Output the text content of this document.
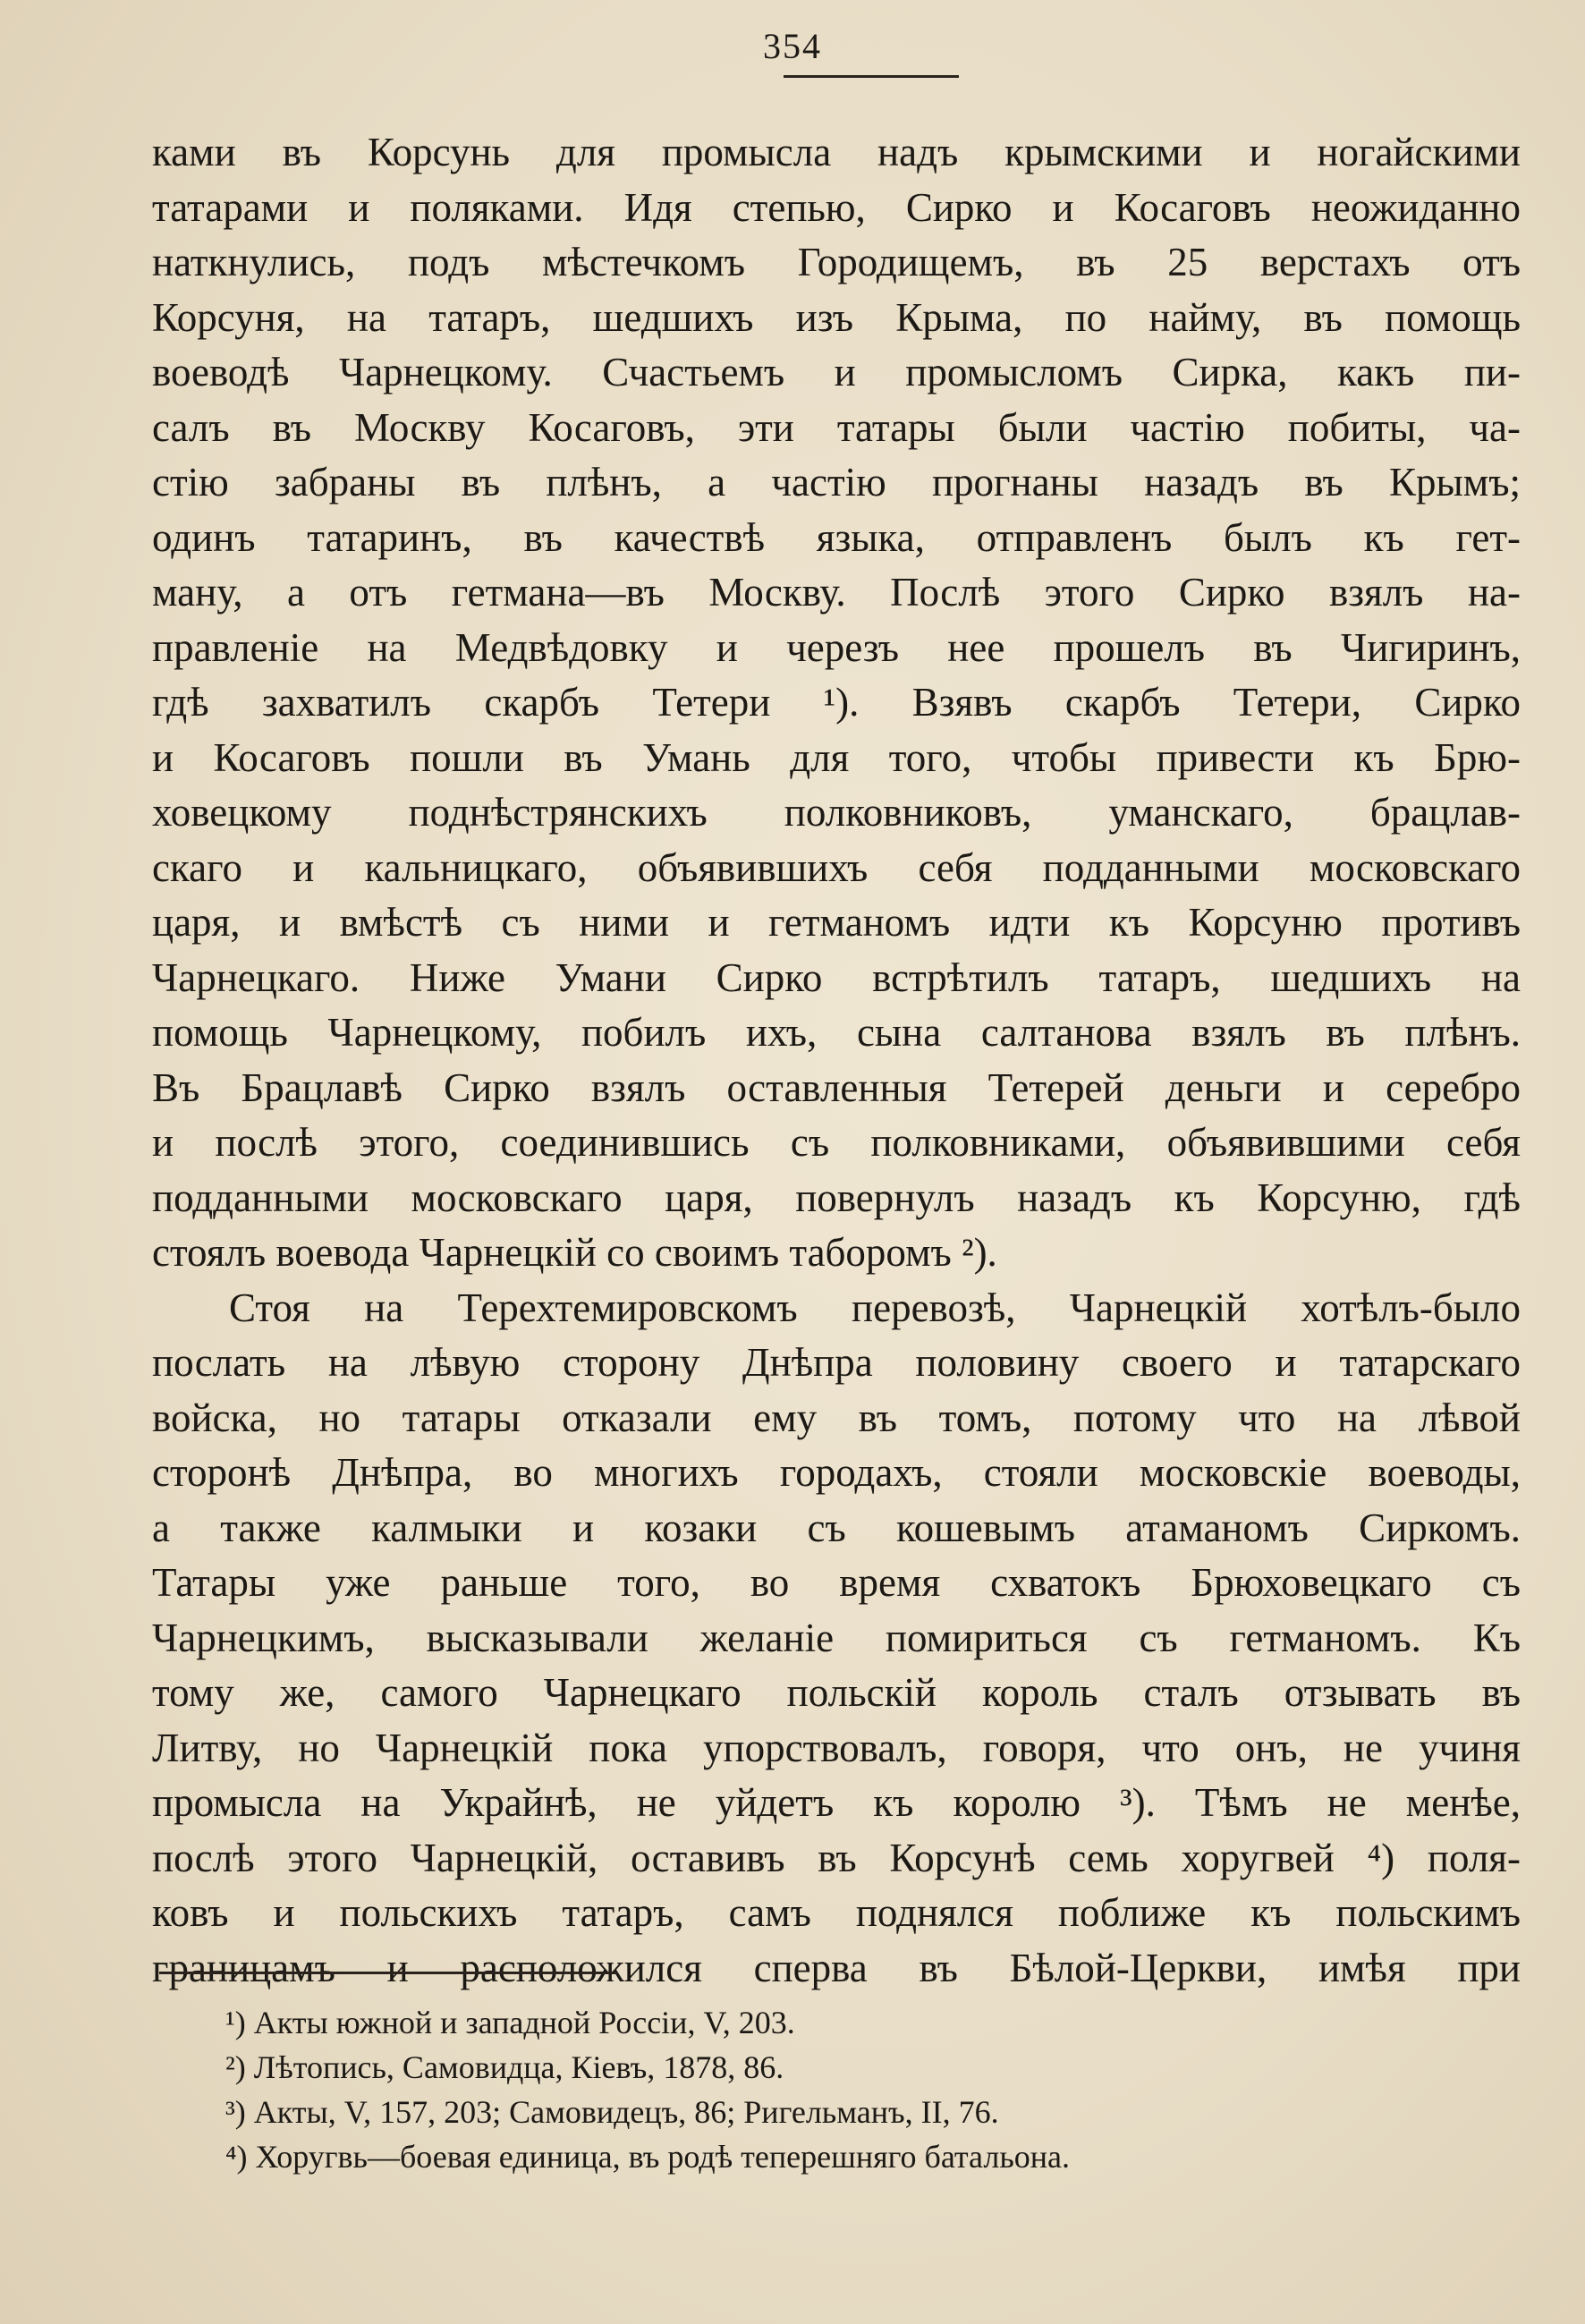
354
ками въ Корсунь для промысла надъ крымскими и ногайскими
татарами и поляками. Идя степью, Сирко и Косаговъ неожиданно
наткнулись, подъ мѣстечкомъ Городищемъ, въ 25 верстахъ отъ
Корсуня, на татаръ, шедшихъ изъ Крыма, по найму, въ помощь
воеводѣ Чарнецкому. Счастьемъ и промысломъ Сирка, какъ пи-
салъ въ Москву Косаговъ, эти татары были частію побиты, ча-
стію забраны въ плѣнъ, а частію прогнаны назадъ въ Крымъ;
одинъ татаринъ, въ качествѣ языка, отправленъ былъ къ гет-
ману, а отъ гетмана—въ Москву. Послѣ этого Сирко взялъ на-
правленіе на Медвѣдовку и черезъ нее прошелъ въ Чигиринъ,
гдѣ захватилъ скарбъ Тетери ¹). Взявъ скарбъ Тетери, Сирко
и Косаговъ пошли въ Умань для того, чтобы привести къ Брю-
ховецкому поднѣстрянскихъ полковниковъ, уманскаго, брацлав-
скаго и кальницкаго, объявившихъ себя подданными московскаго
царя, и вмѣстѣ съ ними и гетманомъ идти къ Корсуню противъ
Чарнецкаго. Ниже Умани Сирко встрѣтилъ татаръ, шедшихъ на
помощь Чарнецкому, побилъ ихъ, сына салтанова взялъ въ плѣнъ.
Въ Брацлавѣ Сирко взялъ оставленныя Тетерей деньги и серебро
и послѣ этого, соединившись съ полковниками, объявившими себя
подданными московскаго царя, повернулъ назадъ къ Корсуню, гдѣ
стоялъ воевода Чарнецкій со своимъ таборомъ ²).
Стоя на Терехтемировскомъ перевозѣ, Чарнецкій хотѣлъ-было
послать на лѣвую сторону Днѣпра половину своего и татарскаго
войска, но татары отказали ему въ томъ, потому что на лѣвой
сторонѣ Днѣпра, во многихъ городахъ, стояли московскіе воеводы,
а также калмыки и козаки съ кошевымъ атаманомъ Сиркомъ.
Татары уже раньше того, во время схватокъ Брюховецкаго съ
Чарнецкимъ, высказывали желаніе помириться съ гетманомъ. Къ
тому же, самого Чарнецкаго польскій король сталъ отзывать въ
Литву, но Чарнецкій пока упорствовалъ, говоря, что онъ, не учиня
промысла на Украйнѣ, не уйдетъ къ королю ³). Тѣмъ не менѣе,
послѣ этого Чарнецкій, оставивъ въ Корсунѣ семь хоругвей ⁴) поля-
ковъ и польскихъ татаръ, самъ поднялся поближе къ польскимъ
границамъ и расположился сперва въ Бѣлой-Церкви, имѣя при
¹) Акты южной и западной Россіи, V, 203.
²) Лѣтопись, Самовидца, Кіевъ, 1878, 86.
³) Акты, V, 157, 203; Самовидецъ, 86; Ригельманъ, II, 76.
⁴) Хоругвь—боевая единица, въ родѣ теперешняго батальона.
